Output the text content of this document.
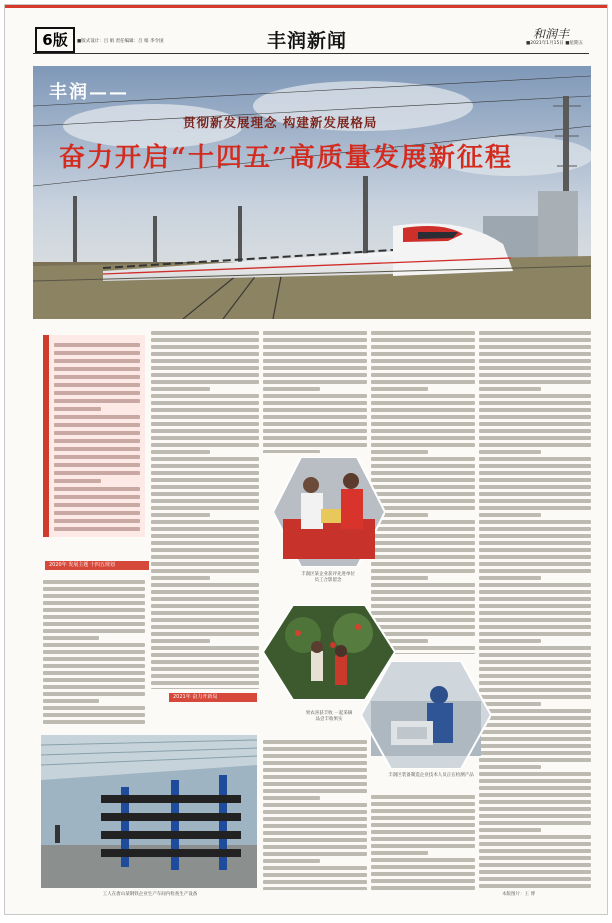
6版	■版式设计：吕 娟 责任编辑：吕 娟 李令国	丰润新闻	和润丰
■2021年1月15日 ■星期五
丰润——
贯彻新发展理念 构建新发展格局
奋力开启“十四五”高质量发展新征程
2020年 发展主题 十四五规划
2021年 奋力开新局
丰润区某企业获评先进单位
员工合影留念
果农喜获丰收 一起采摘
品尝丰收果实
丰润区装备制造企业技术人员正在检测产品
工人在唐山某钢铁企业生产车间内检查生产设备	本版图片：王 博
